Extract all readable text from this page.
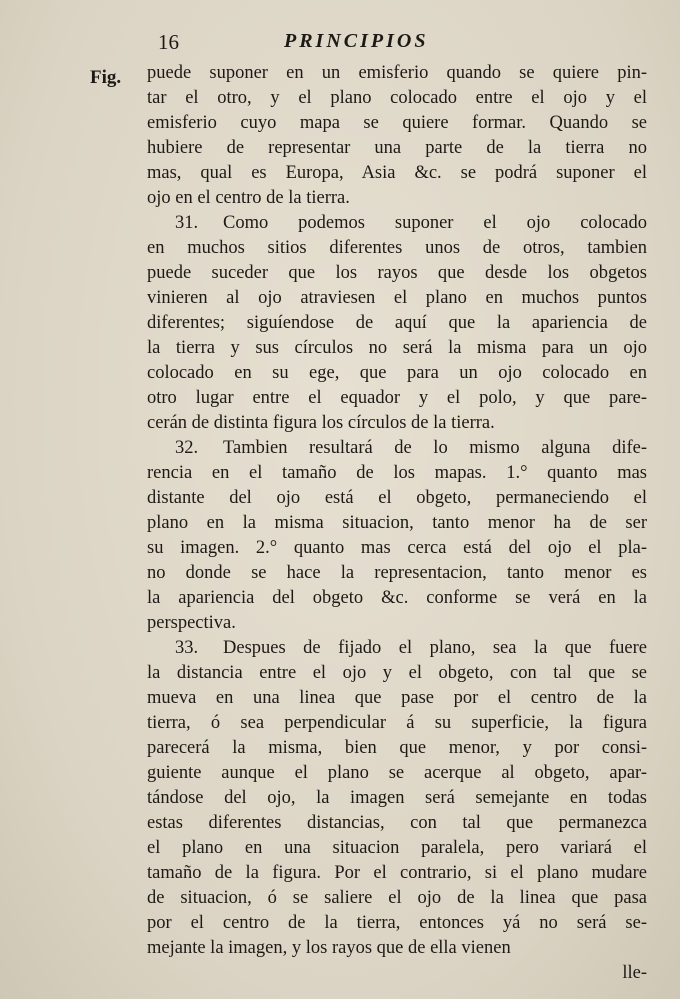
16	PRINCIPIOS
Fig. puede suponer en un emisferio quando se quiere pin-
tar el otro, y el plano colocado entre el ojo y el
emisferio cuyo mapa se quiere formar. Quando se
hubiere de representar una parte de la tierra no
mas, qual es Europa, Asia &c. se podrá suponer el
ojo en el centro de la tierra.
31.	Como podemos suponer el ojo colocado
en muchos sitios diferentes unos de otros, tambien
puede suceder que los rayos que desde los obgetos
vinieren al ojo atraviesen el plano en muchos puntos
diferentes; siguíendose de aquí que la apariencia de
la tierra y sus círculos no será la misma para un ojo
colocado en su ege, que para un ojo colocado en
otro lugar entre el equador y el polo, y que pare-
cerán de distinta figura los círculos de la tierra.
32.	Tambien resultará de lo mismo alguna dife-
rencia en el tamaño de los mapas. 1.° quanto mas
distante del ojo está el obgeto, permaneciendo el
plano en la misma situacion, tanto menor ha de ser
su imagen. 2.° quanto mas cerca está del ojo el pla-
no donde se hace la representacion, tanto menor es
la apariencia del obgeto &c. conforme se verá en la
perspectiva.
33.	Despues de fijado el plano, sea la que fuere
la distancia entre el ojo y el obgeto, con tal que se
mueva en una linea que pase por el centro de la
tierra, ó sea perpendicular á su superficie, la figura
parecerá la misma, bien que menor, y por consi-
guiente aunque el plano se acerque al obgeto, apar-
tándose del ojo, la imagen será semejante en todas
estas diferentes distancias, con tal que permanezca
el plano en una situacion paralela, pero variará el
tamaño de la figura. Por el contrario, si el plano mudare
de situacion, ó se saliere el ojo de la linea que pasa
por el centro de la tierra, entonces yá no será se-
mejante la imagen, y los rayos que de ella vienen
lle-
